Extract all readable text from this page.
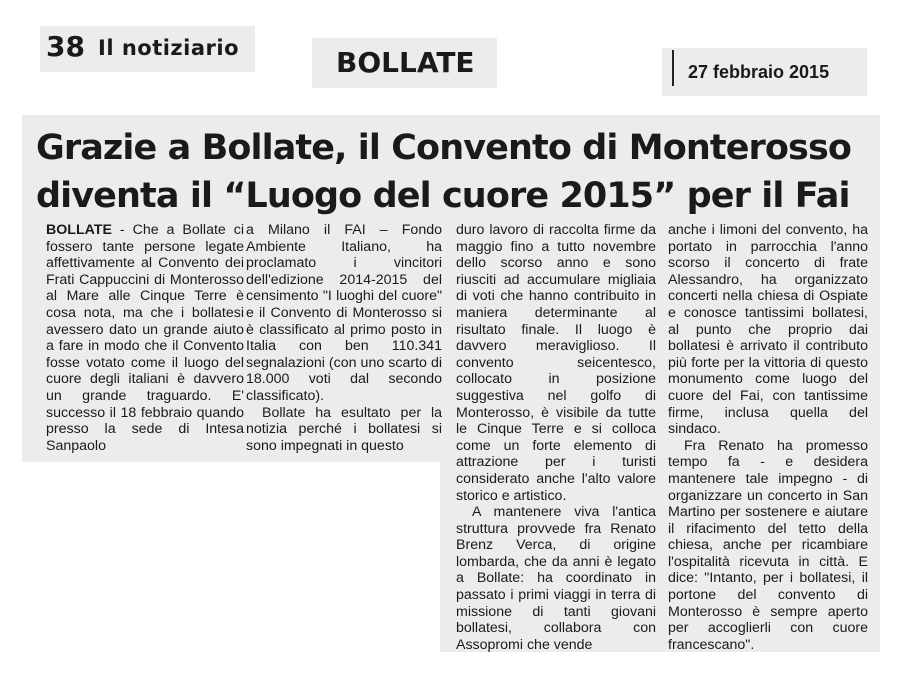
38 Il notiziario	BOLLATE	27 febbraio 2015
Grazie a Bollate, il Convento di Monterosso
diventa il “Luogo del cuore 2015” per il Fai

BOLLATE - Che a Bollate ci fossero tante persone legate affettivamente al Convento dei Frati Cappuccini di Monterosso al Mare alle Cinque Terre è cosa nota, ma che i bollatesi avessero dato un grande aiuto a fare in modo che il Convento fosse votato come il luogo del cuore degli italiani è davvero un grande traguardo. E' successo il 18 febbraio quando presso la sede di Intesa Sanpaolo

a Milano il FAI – Fondo Ambiente Italiano, ha proclamato i vincitori dell'edizione 2014-2015 del censimento "I luoghi del cuore" e il Convento di Monterosso si è classificato al primo posto in Italia con ben 110.341 segnalazioni (con uno scarto di 18.000 voti dal secondo classificato).

Bollate ha esultato per la notizia perché i bollatesi si sono impegnati in questo

duro lavoro di raccolta firme da maggio fino a tutto novembre dello scorso anno e sono riusciti ad accumulare migliaia di voti che hanno contribuito in maniera determinante al risultato finale. Il luogo è davvero meraviglioso. Il convento seicentesco, collocato in posizione suggestiva nel golfo di Monterosso, è visibile da tutte le Cinque Terre e si colloca come un forte elemento di attrazione per i turisti considerato anche l'alto valore storico e artistico.

A mantenere viva l'antica struttura provvede fra Renato Brenz Verca, di origine lombarda, che da anni è legato a Bollate: ha coordinato in passato i primi viaggi in terra di missione di tanti giovani bollatesi, collabora con Assopromi che vende

anche i limoni del convento, ha portato in parrocchia l'anno scorso il concerto di frate Alessandro, ha organizzato concerti nella chiesa di Ospiate e conosce tantissimi bollatesi, al punto che proprio dai bollatesi è arrivato il contributo più forte per la vittoria di questo monumento come luogo del cuore del Fai, con tantissime firme, inclusa quella del sindaco.

Fra Renato ha promesso tempo fa - e desidera mantenere tale impegno - di organizzare un concerto in San Martino per sostenere e aiutare il rifacimento del tetto della chiesa, anche per ricambiare l'ospitalità ricevuta in città. E dice: "Intanto, per i bollatesi, il portone del convento di Monterosso è sempre aperto per accoglierli con cuore francescano".
